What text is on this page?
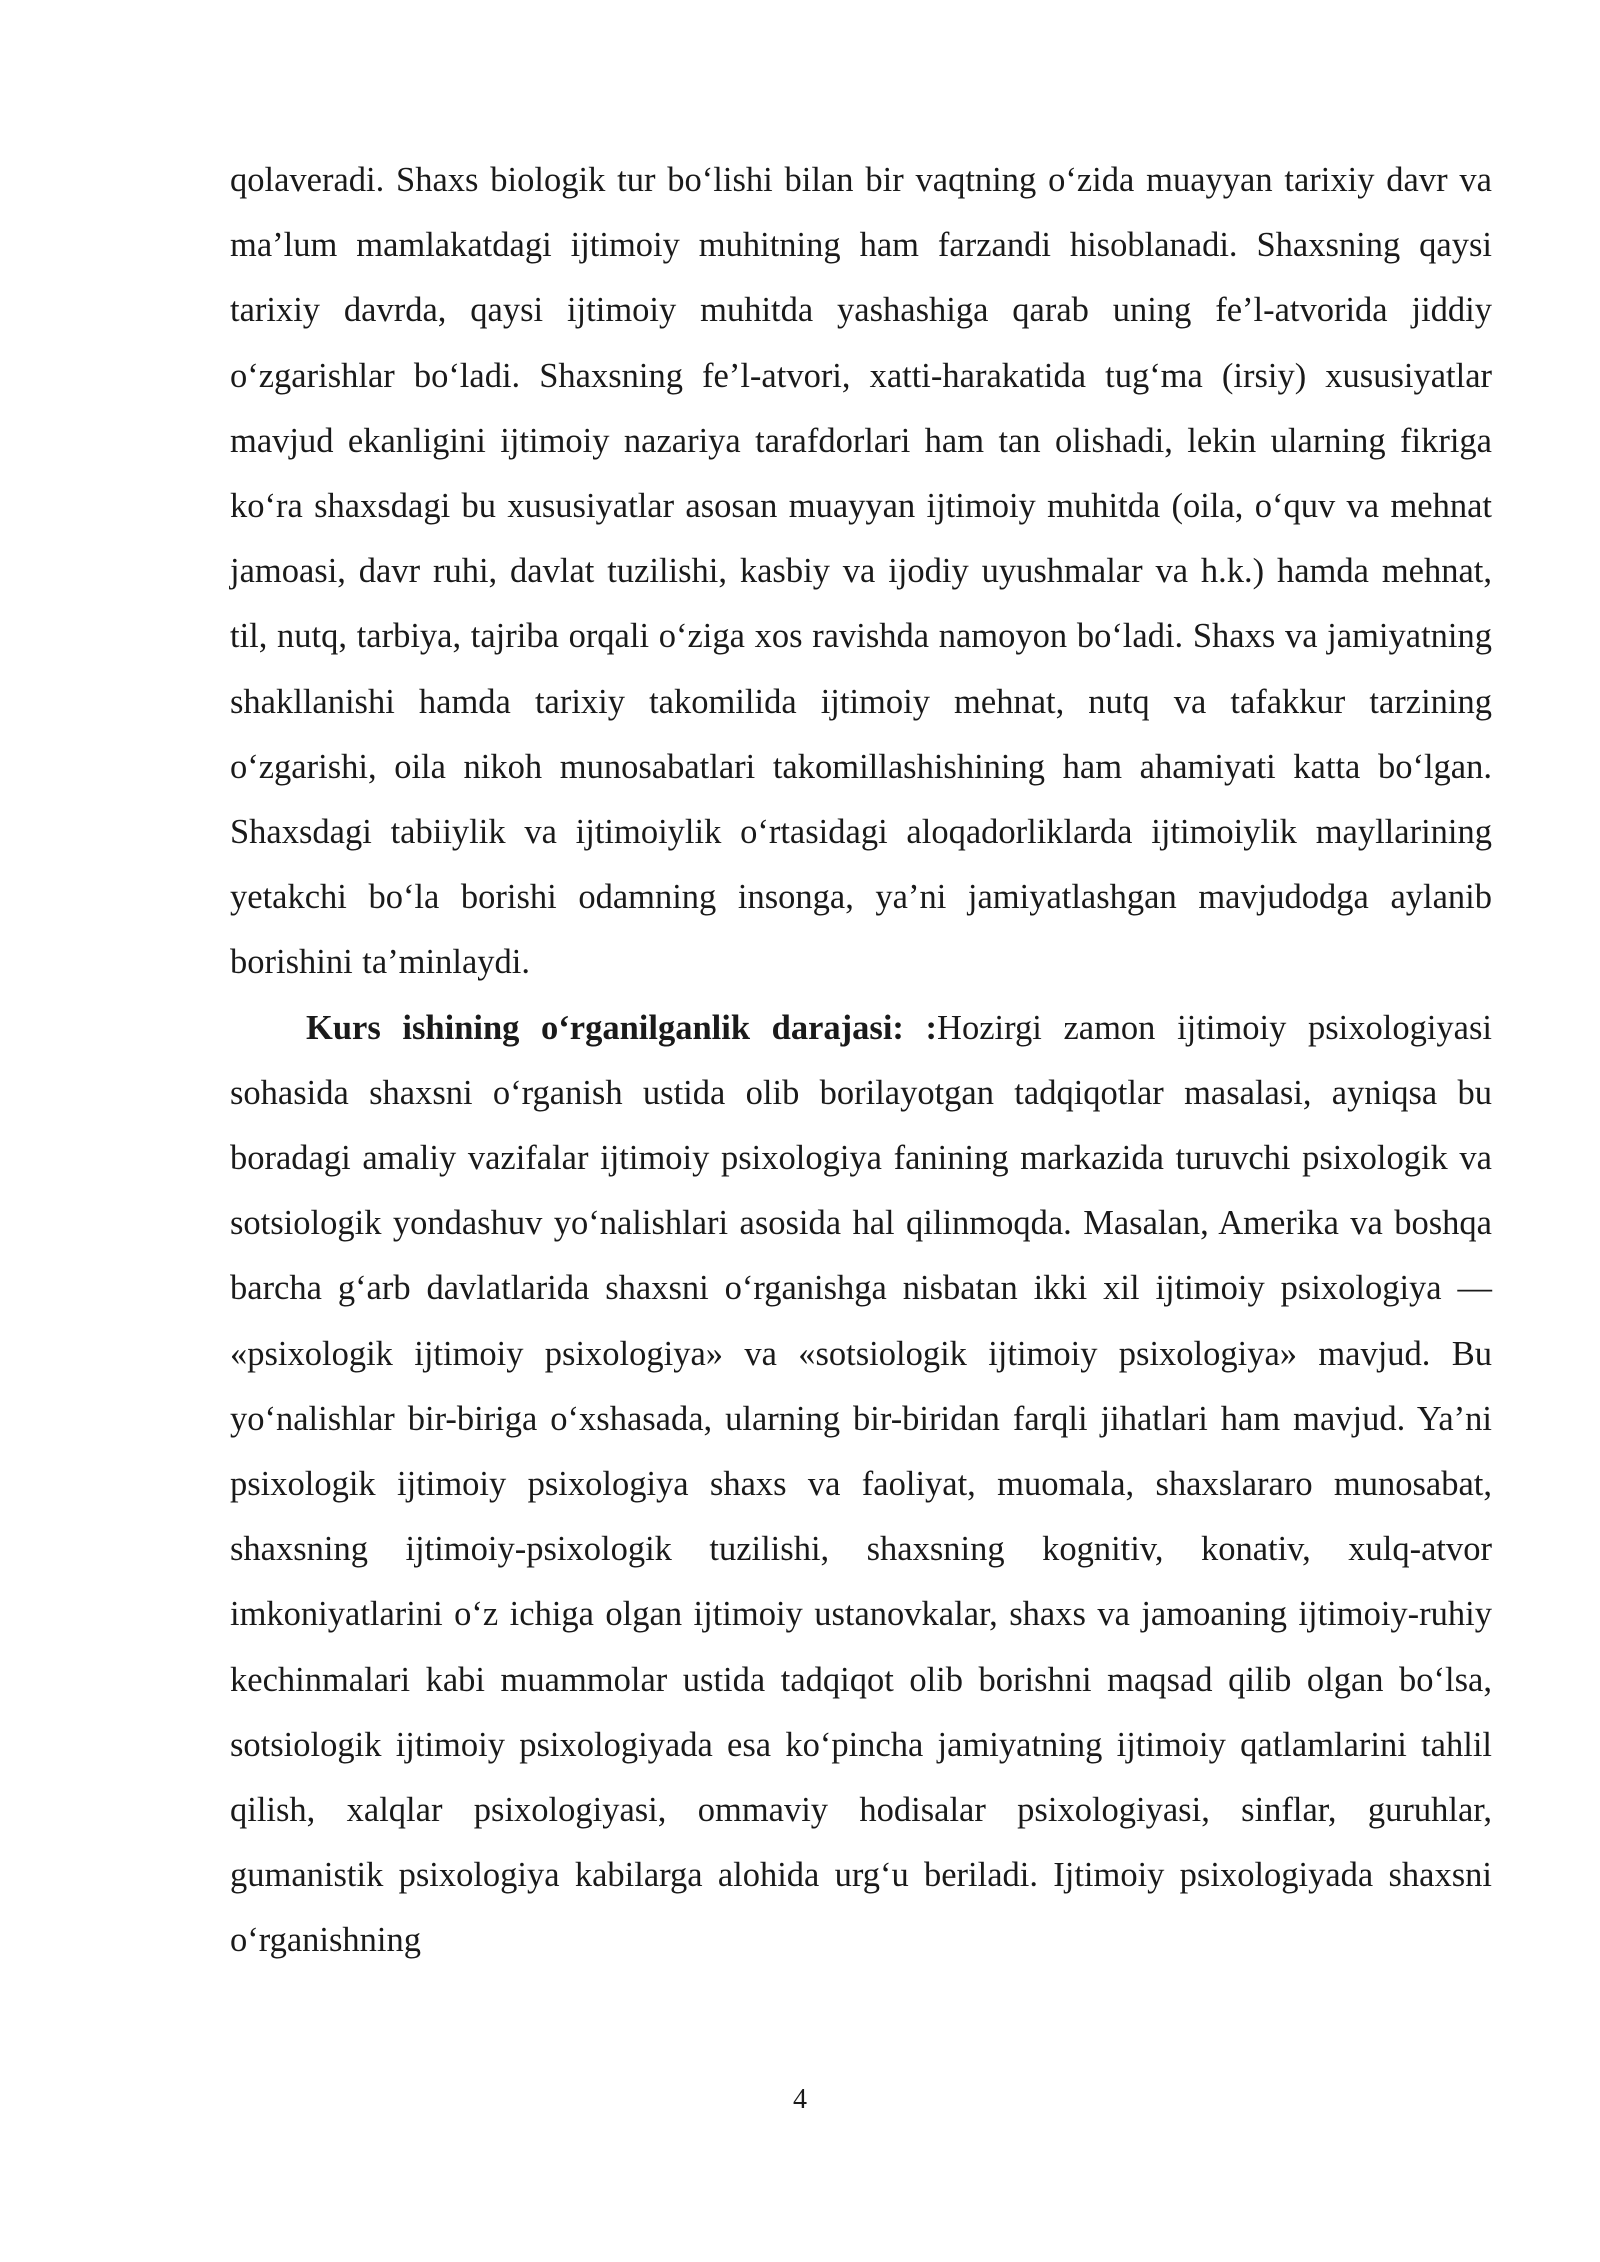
qolaveradi. Shaxs biologik tur bo‘lishi bilan bir vaqtning o‘zida muayyan tarixiy davr va ma’lum mamlakatdagi ijtimoiy muhitning ham farzandi hisoblanadi. Shaxsning qaysi tarixiy davrda, qaysi ijtimoiy muhitda yashashiga qarab uning fe’l-atvorida jiddiy o‘zgarishlar bo‘ladi. Shaxsning fe’l-atvori, xatti-harakatida tug‘ma (irsiy) xususiyatlar mavjud ekanligini ijtimoiy nazariya tarafdorlari ham tan olishadi, lekin ularning fikriga ko‘ra shaxsdagi bu xususiyatlar asosan muayyan ijtimoiy muhitda (oila, o‘quv va mehnat jamoasi, davr ruhi, davlat tuzilishi, kasbiy va ijodiy uyushmalar va h.k.) hamda mehnat, til, nutq, tarbiya, tajriba orqali o‘ziga xos ravishda namoyon bo‘ladi. Shaxs va jamiyatning shakllanishi hamda tarixiy takomilida ijtimoiy mehnat, nutq va tafakkur tarzining o‘zgarishi, oila nikoh munosabatlari takomillashishining ham ahamiyati katta bo‘lgan. Shaxsdagi tabiiylik va ijtimoiylik o‘rtasidagi aloqadorliklarda ijtimoiylik mayllarining yetakchi bo‘la borishi odamning insonga, ya’ni jamiyatlashgan mavjudodga aylanib borishini ta’minlaydi.

Kurs ishining o‘rganilganlik darajasi: :Hozirgi zamon ijtimoiy psixologiyasi sohasida shaxsni o‘rganish ustida olib borilayotgan tadqiqotlar masalasi, ayniqsa bu boradagi amaliy vazifalar ijtimoiy psixologiya fanining markazida turuvchi psixologik va sotsiologik yondashuv yo‘nalishlari asosida hal qilinmoqda. Masalan, Amerika va boshqa barcha g‘arb davlatlarida shaxsni o‘rganishga nisbatan ikki xil ijtimoiy psixologiya — «psixologik ijtimoiy psixologiya» va «sotsiologik ijtimoiy psixologiya» mavjud. Bu yo‘nalishlar bir-biriga o‘xshasada, ularning bir-biridan farqli jihatlari ham mavjud. Ya’ni psixologik ijtimoiy psixologiya shaxs va faoliyat, muomala, shaxslararo munosabat, shaxsning ijtimoiy-psixologik tuzilishi, shaxsning kognitiv, konativ, xulq-atvor imkoniyatlarini o‘z ichiga olgan ijtimoiy ustanovkalar, shaxs va jamoaning ijtimoiy-ruhiy kechinmalari kabi muammolar ustida tadqiqot olib borishni maqsad qilib olgan bo‘lsa, sotsiologik ijtimoiy psixologiyada esa ko‘pincha jamiyatning ijtimoiy qatlamlarini tahlil qilish, xalqlar psixologiyasi, ommaviy hodisalar psixologiyasi, sinflar, guruhlar, gumanistik psixologiya kabilarga alohida urg‘u beriladi. Ijtimoiy psixologiyada shaxsni o‘rganishning

4
